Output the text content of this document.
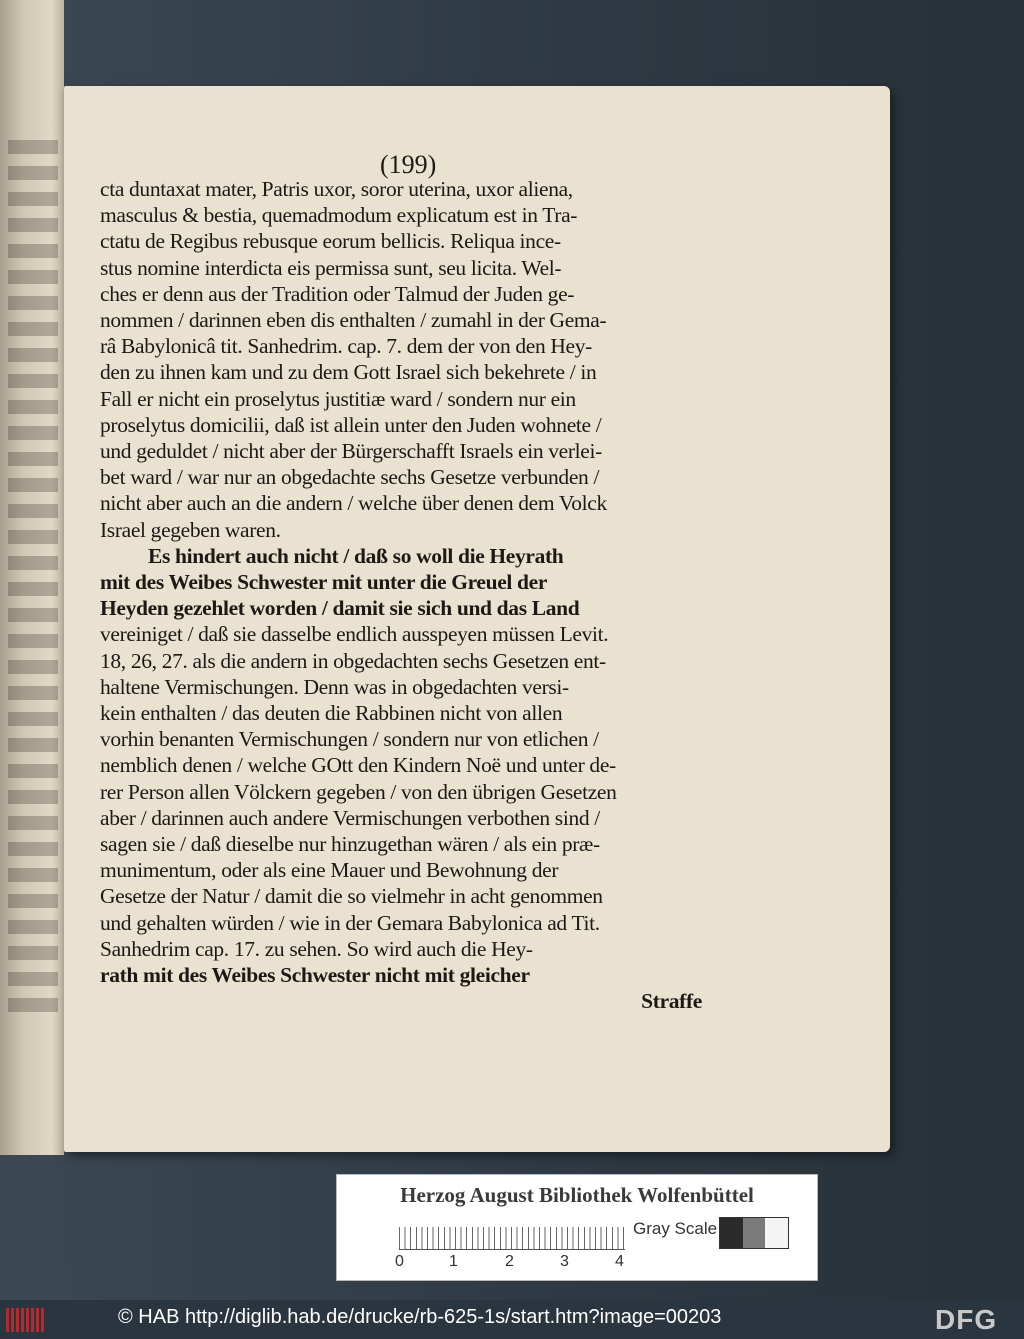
(199)
cta duntaxat mater, Patris uxor, soror uterina, uxor aliena,
masculus & bestia, quemadmodum explicatum est in Tra-
ctatu de Regibus rebusque eorum bellicis. Reliqua ince-
stus nomine interdicta eis permissa sunt, seu licita. Wel-
ches er denn aus der Tradition oder Talmud der Juden ge-
nommen / darinnen eben dis enthalten / zumahl in der Gema-
râ Babylonicâ tit. Sanhedrim. cap. 7. dem der von den Hey-
den zu ihnen kam und zu dem Gott Israel sich bekehrete / in
Fall er nicht ein proselytus justitiæ ward / sondern nur ein
proselytus domicilii, daß ist allein unter den Juden wohnete /
und geduldet / nicht aber der Bürgerschafft Israels ein verlei-
bet ward / war nur an obgedachte sechs Gesetze verbunden /
nicht aber auch an die andern / welche über denen dem Volck
Israel gegeben waren.
Es hindert auch nicht / daß so woll die Heyrath
mit des Weibes Schwester mit unter die Greuel der
Heyden gezehlet worden / damit sie sich und das Land
vereiniget / daß sie dasselbe endlich ausspeyen müssen Levit.
18, 26, 27. als die andern in obgedachten sechs Gesetzen ent-
haltene Vermischungen. Denn was in obgedachten versi-
kein enthalten / das deuten die Rabbinen nicht von allen
vorhin benanten Vermischungen / sondern nur von etlichen /
nemblich denen / welche GOtt den Kindern Noë und unter de-
rer Person allen Völckern gegeben / von den übrigen Gesetzen
aber / darinnen auch andere Vermischungen verbothen sind /
sagen sie / daß dieselbe nur hinzugethan wären / als ein præ-
munimentum, oder als eine Mauer und Bewohnung der
Gesetze der Natur / damit die so vielmehr in acht genommen
und gehalten würden / wie in der Gemara Babylonica ad Tit.
Sanhedrim cap. 17. zu sehen. So wird auch die Hey-
rath mit des Weibes Schwester nicht mit gleicher
Straffe
Herzog August Bibliothek Wolfenbüttel
0	1	2	3	4
Gray Scale
© HAB http://diglib.hab.de/drucke/rb-625-1s/start.htm?image=00203	DFG
